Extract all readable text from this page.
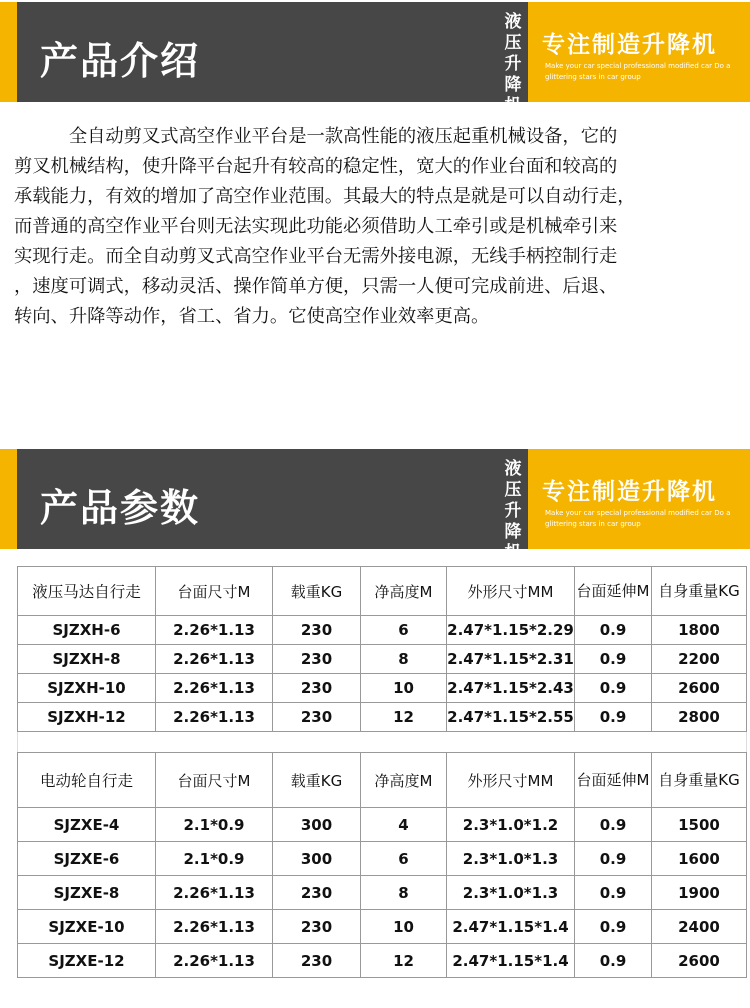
产品介绍
液压升降机
专注制造升降机
Make your car special professional modified car Do a glittering stars in car group
　　　全自动剪叉式高空作业平台是一款高性能的液压起重机械设备，它的
剪叉机械结构，使升降平台起升有较高的稳定性，宽大的作业台面和较高的
承载能力，有效的增加了高空作业范围。其最大的特点是就是可以自动行走，
而普通的高空作业平台则无法实现此功能必须借助人工牵引或是机械牵引来
实现行走。而全自动剪叉式高空作业平台无需外接电源，无线手柄控制行走
，速度可调式，移动灵活、操作简单方便，只需一人便可完成前进、后退、
转向、升降等动作，省工、省力。它使高空作业效率更高。
产品参数
液压升降机
专注制造升降机
Make your car special professional modified car Do a glittering stars in car group
液压马达自行走	台面尺寸M	载重KG	净高度M	外形尺寸MM	台面延伸M	自身重量KG
SJZXH-6	2.26*1.13	230	6	2.47*1.15*2.29	0.9	1800
SJZXH-8	2.26*1.13	230	8	2.47*1.15*2.31	0.9	2200
SJZXH-10	2.26*1.13	230	10	2.47*1.15*2.43	0.9	2600
SJZXH-12	2.26*1.13	230	12	2.47*1.15*2.55	0.9	2800

电动轮自行走	台面尺寸M	载重KG	净高度M	外形尺寸MM	台面延伸M	自身重量KG
SJZXE-4	2.1*0.9	300	4	2.3*1.0*1.2	0.9	1500
SJZXE-6	2.1*0.9	300	6	2.3*1.0*1.3	0.9	1600
SJZXE-8	2.26*1.13	230	8	2.3*1.0*1.3	0.9	1900
SJZXE-10	2.26*1.13	230	10	2.47*1.15*1.4	0.9	2400
SJZXE-12	2.26*1.13	230	12	2.47*1.15*1.4	0.9	2600
